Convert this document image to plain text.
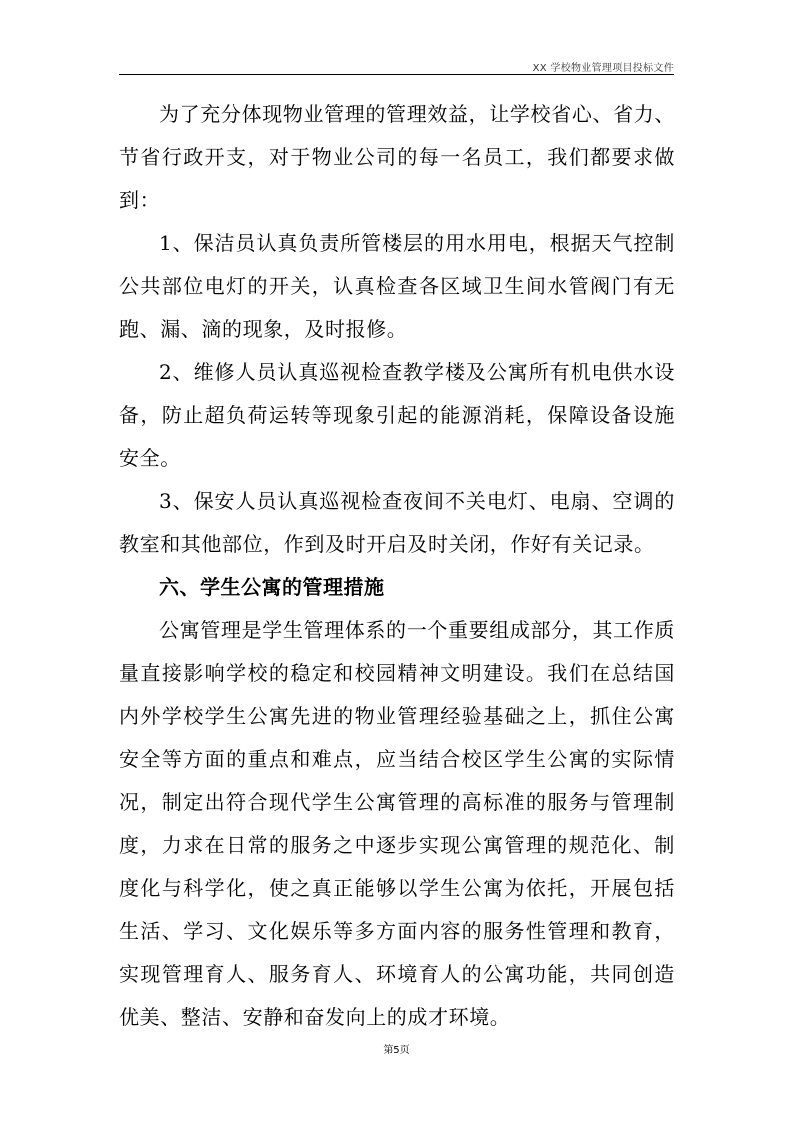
XX 学校物业管理项目投标文件

为了充分体现物业管理的管理效益，让学校省心、省力、节省行政开支，对于物业公司的每一名员工，我们都要求做到：

1、保洁员认真负责所管楼层的用水用电，根据天气控制公共部位电灯的开关，认真检查各区域卫生间水管阀门有无跑、漏、滴的现象，及时报修。

2、维修人员认真巡视检查教学楼及公寓所有机电供水设备，防止超负荷运转等现象引起的能源消耗，保障设备设施安全。

3、保安人员认真巡视检查夜间不关电灯、电扇、空调的教室和其他部位，作到及时开启及时关闭，作好有关记录。

六、学生公寓的管理措施

公寓管理是学生管理体系的一个重要组成部分，其工作质量直接影响学校的稳定和校园精神文明建设。我们在总结国内外学校学生公寓先进的物业管理经验基础之上，抓住公寓安全等方面的重点和难点，应当结合校区学生公寓的实际情况，制定出符合现代学生公寓管理的高标准的服务与管理制度，力求在日常的服务之中逐步实现公寓管理的规范化、制度化与科学化，使之真正能够以学生公寓为依托，开展包括生活、学习、文化娱乐等多方面内容的服务性管理和教育，实现管理育人、服务育人、环境育人的公寓功能，共同创造优美、整洁、安静和奋发向上的成才环境。

第5页
